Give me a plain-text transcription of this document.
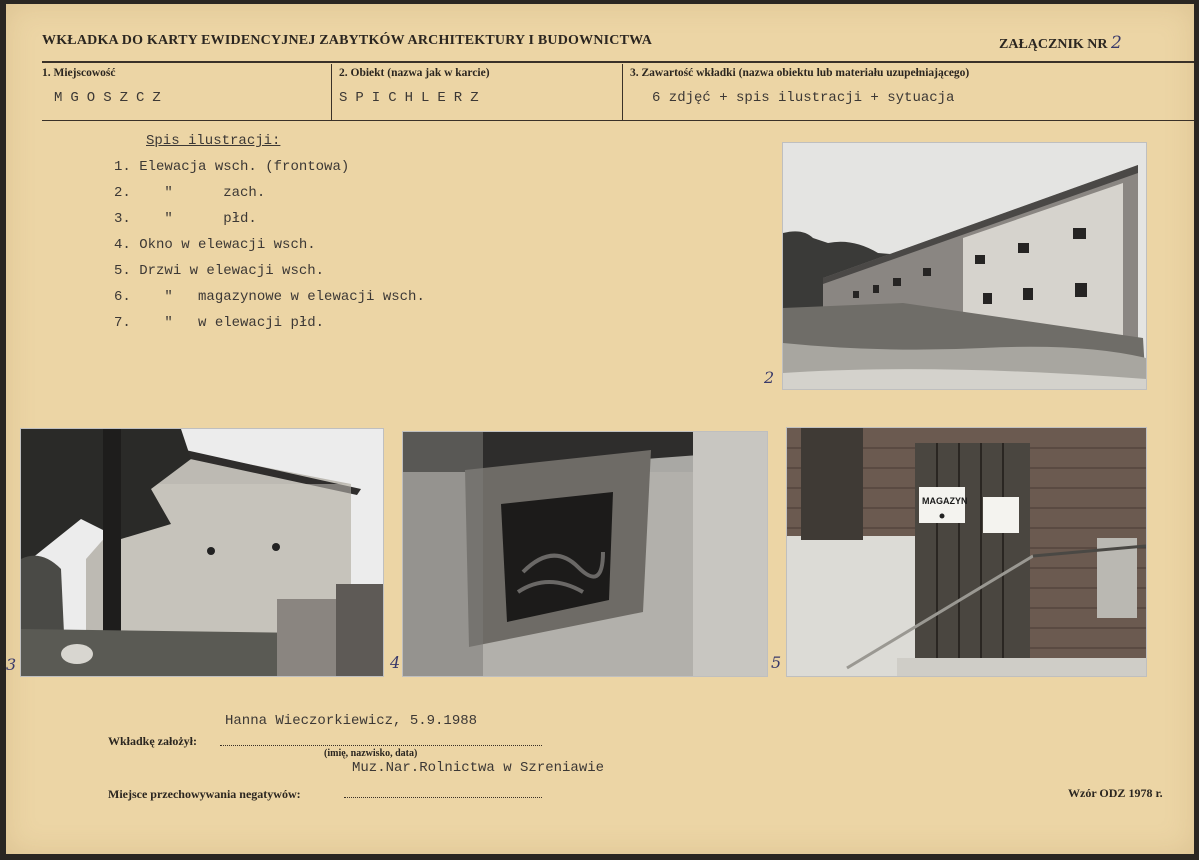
WKŁADKA DO KARTY EWIDENCYJNEJ ZABYTKÓW ARCHITEKTURY I BUDOWNICTWA	ZAŁĄCZNIK NR 2
1. Miejscowość
MGOSZCZ
2. Obiekt (nazwa jak w karcie)
SPICHLERZ
3. Zawartość wkładki (nazwa obiektu lub materiału uzupełniającego)
6 zdjęć + spis ilustracji + sytuacja
Spis ilustracji:
1. Elewacja wsch. (frontowa)
2. "      zach.
3. "      płd.
4. Okno w elewacji wsch.
5. Drzwi w elewacji wsch.
6. "   magazynowe w elewacji wsch.
7. "   w elewacji płd.
2
3	4
MAGAZYN
5
Hanna Wieczorkiewicz, 5.9.1988
Wkładkę założył:
(imię, nazwisko, data)
Muz.Nar.Rolnictwa w Szreniawie
Miejsce przechowywania negatywów:	Wzór ODZ 1978 r.
